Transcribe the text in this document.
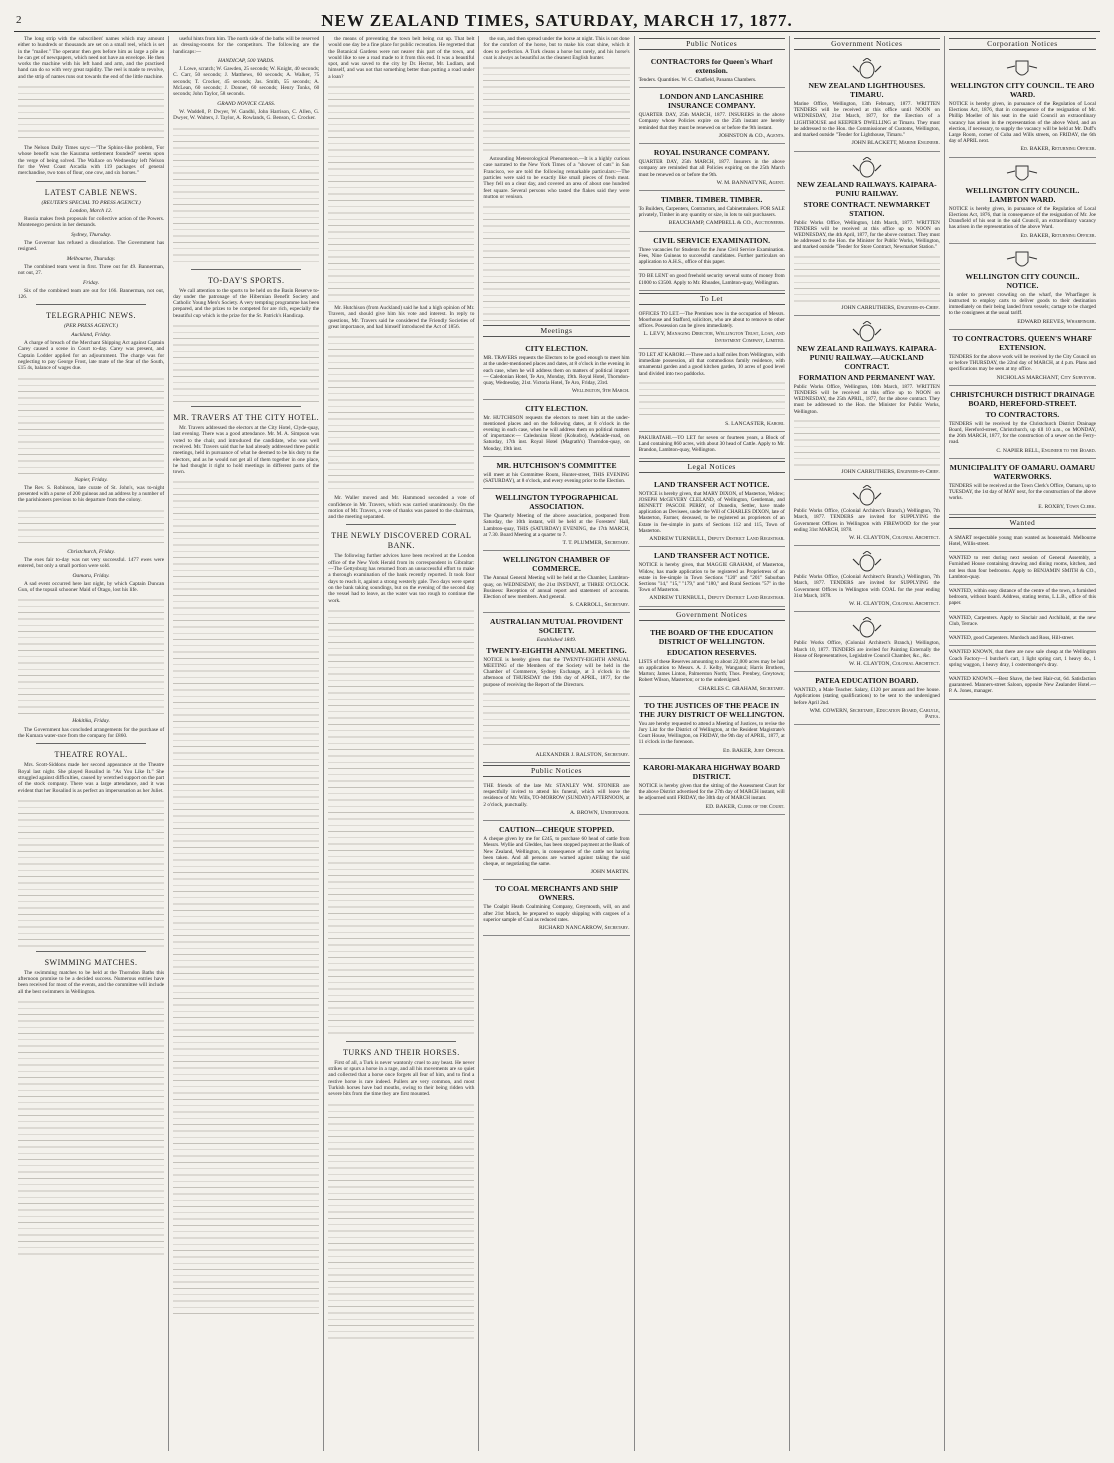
2	NEW ZEALAND TIMES, SATURDAY, MARCH 17, 1877.

The long strip with the subscribers' names which may amount either to hundreds or thousands are set on a small reel, which is set in the "mailer." The operator then gets before him as large a pile as he can get of newspapers, which need not have an envelope. He then works the machine with his left hand and arm, and the practised hand can do so with very great rapidity. The reel is made to revolve, and the strip of names runs out towards the end of the little machine.

The Nelson Daily Times says:—"The Sphinx-like problem, 'For whose benefit was the Kaurama settlement founded?' seems upon the verge of being solved. The Wallace on Wednesday left Nelson for the West Coast Arcadia with 119 packages of general merchandise, two tons of flour, one cow, and six horses."

LATEST CABLE NEWS.
(REUTER'S SPECIAL TO PRESS AGENCY.)
London, March 12.

Russia makes fresh proposals for collective action of the Powers. Montenegro persists in her demands.

Sydney, Thursday.

The Governor has refused a dissolution. The Government has resigned.

Melbourne, Thursday.

The combined team went in first. Three out for 49. Bannerman, not out, 27.

Friday.

Six of the combined team are out for 166. Bannerman, not out, 126.

TELEGRAPHIC NEWS.
(PER PRESS AGENCY.)
Auckland, Friday.

A charge of breach of the Merchant Shipping Act against Captain Carey caused a scene in Court to-day. Carey was present, and Captain Lodder applied for an adjournment. The charge was for neglecting to pay George Frost, late mate of the Star of the South, £15 4s, balance of wages due.

Napier, Friday.

The Rev. S. Robinson, late curate of St. John's, was to-night presented with a purse of 200 guineas and an address by a number of the parishioners previous to his departure from the colony.

Christchurch, Friday.

The exes fair to-day was not very successful. 1477 ewes were entered, but only a small portion were sold.

Oamaru, Friday.

A sad event occurred here last night, by which Captain Duncan Gun, of the topsail schooner Maid of Otago, lost his life.

Hokitika, Friday.

The Government has concluded arrangements for the purchase of the Kumara water-race from the company for £860.

THEATRE ROYAL.

Mrs. Scott-Siddons made her second appearance at the Theatre Royal last night. She played Rosalind in "As You Like It." She struggled against difficulties, caused by wretched support on the part of the stock company. There was a large attendance, and it was evident that her Rosalind is as perfect an impersonation as her Juliet.

SWIMMING MATCHES.

The swimming matches to be held at the Thorndon Baths this afternoon promise to be a decided success. Numerous entries have been received for most of the events, and the committee will include all the best swimmers in Wellington.

useful hints from him. The north side of the baths will be reserved as dressing-rooms for the competitors. The following are the handicaps:—

HANDICAP, 500 YARDS.

J. Lowe, scratch; W. Gawden, 25 seconds; W. Knight, 40 seconds; C. Carr, 50 seconds; J. Matthews, 60 seconds; A. Walker, 75 seconds; T. Crocker, 45 seconds; Jas. Smith, 55 seconds; A. McLean, 60 seconds; J. Donner, 60 seconds; Henry Tonks, 60 seconds; John Taylor, 58 seconds.

GRAND NOVICE CLASS.

W. Waddell, P. Dwyer, W. Gandhi, John Harrison, C. Allen, G. Dwyer, W. Walters, J. Taylor, A. Rowlands, G. Benson, C. Crocker.

TO-DAY'S SPORTS.

We call attention to the sports to be held on the Basin Reserve to-day under the patronage of the Hibernian Benefit Society and Catholic Young Men's Society. A very tempting programme has been prepared, and the prizes to be competed for are rich, especially the beautiful cup which is the prize for the St. Patrick's Handicap.

MR. TRAVERS AT THE CITY HOTEL.

Mr. Travers addressed the electors at the City Hotel, Clyde-quay, last evening. There was a good attendance. Mr. M. A. Simpson was voted to the chair, and introduced the candidate, who was well received. Mr. Travers said that he had already addressed three public meetings, held in pursuance of what he deemed to be his duty to the electors, and as he would not get all of them together in one place, he had thought it right to hold meetings in different parts of the town.

the means of preventing the town belt being cut up. That belt would one day be a fine place for public recreation. He regretted that the Botanical Gardens were not nearer this part of the town, and would like to see a road made to it from this end. It was a beautiful spot, and was saved to the city by Dr. Hector, Mr. Ludlam, and himself, and was not that something better than putting a road under a loan?

Mr. Hutchison (from Auckland) said he had a high opinion of Mr. Travers, and should give him his vote and interest. In reply to questions, Mr. Travers said he considered the Friendly Societies of great importance, and had himself introduced the Act of 1856.

Mr. Waller moved and Mr. Hammond seconded a vote of confidence in Mr. Travers, which was carried unanimously. On the motion of Mr. Travers, a vote of thanks was passed to the chairman, and the meeting separated.

THE NEWLY DISCOVERED CORAL BANK.

The following further advices have been received at the London office of the New York Herald from its correspondent in Gibraltar:—The Gettysburg has returned from an unsuccessful effort to make a thorough examination of the bank recently reported. It took four days to reach it, against a strong westerly gale. Two days were spent on the bank taking soundings, but on the evening of the second day the vessel had to leave, as the water was too rough to continue the work.

TURKS AND THEIR HORSES.

First of all, a Turk is never wantonly cruel to any beast. He never strikes or spurs a horse in a rage, and all his movements are so quiet and collected that a horse once forgets all fear of him, and to find a restive horse is rare indeed. Pullers are very common, and most Turkish horses have bad mouths, owing to their being ridden with severe bits from the time they are first mounted.

the sun, and then spread under the horse at night. This is not done for the comfort of the horse, but to make his coat shine, which it does to perfection. A Turk cleans a horse but rarely, and his horse's coat is always as beautiful as the cleanest English hunter.

Astounding Meteorological Phenomenon.—It is a highly curious case narrated to the New York Times of a "shower of cats" in San Francisco, we are told the following remarkable particulars:—The particles were said to be exactly like small pieces of fresh meat. They fell on a clear day, and covered an area of about one hundred feet square. Several persons who tasted the flakes said they were mutton or venison.

Meetings
CITY ELECTION.
MR. TRAVERS requests the Electors to be good enough to meet him at the under-mentioned places and dates, at 8 o'clock in the evening in each case, when he will address them on matters of political import:— Caledonian Hotel, Te Aro, Monday, 19th. Royal Hotel, Thorndon-quay, Wednesday, 21st. Victoria Hotel, Te Aro, Friday, 23rd.
Wellington, 9th March.
CITY ELECTION.
Mr. HUTCHISON requests the electors to meet him at the under-mentioned places and on the following dates, at 8 o'clock in the evening in each case, when he will address them on political matters of importance:— Caledonian Hotel (Kohudro), Adelaide-road, on Saturday, 17th inst. Royal Hotel (Magrath's) Thorndon-quay, on Monday, 19th inst.
MR. HUTCHISON'S COMMITTEE
will meet at his Committee Room, Hunter-street, THIS EVENING (SATURDAY), at 8 o'clock, and every evening prior to the Election.
WELLINGTON TYPOGRAPHICAL ASSOCIATION.
The Quarterly Meeting of the above association, postponed from Saturday, the 10th instant, will be held at the Foresters' Hall, Lambton-quay, THIS (SATURDAY) EVENING, the 17th MARCH, at 7.30. Board Meeting at a quarter to 7.
T. T. PLUMMER, Secretary.
WELLINGTON CHAMBER OF COMMERCE.
The Annual General Meeting will be held at the Chamber, Lambton-quay, on WEDNESDAY, the 21st INSTANT, at THREE O'CLOCK. Business: Reception of annual report and statement of accounts. Election of new members. And general.
S. CARROLL, Secretary.
AUSTRALIAN MUTUAL PROVIDENT SOCIETY.
Established 1849.
TWENTY-EIGHTH ANNUAL MEETING.
NOTICE is hereby given that the TWENTY-EIGHTH ANNUAL MEETING of the Members of the Society will be held in the Chamber of Commerce, Sydney Exchange, at 3 o'clock in the afternoon of THURSDAY the 19th day of APRIL, 1877, for the purpose of receiving the Report of the Directors.
ALEXANDER J. RALSTON, Secretary.
Public Notices
THE friends of the late Mr. STANLEY WM. STONIER are respectfully invited to attend his funeral, which will leave the residence of Mr. Wills, TO-MORROW (SUNDAY) AFTERNOON, at 2 o'clock, punctually.
A. BROWN, Undertaker.
CAUTION—CHEQUE STOPPED.
A cheque given by me for £245, to purchase 60 head of cattle from Messrs. Wyllie and Gleddes, has been stopped payment at the Bank of New Zealand, Wellington, in consequence of the cattle not having been taken. And all persons are warned against taking the said cheque, or negotiating the same.
JOHN MARTIN.
TO COAL MERCHANTS AND SHIP OWNERS.
The Coalpit Heath Coalmining Company, Greymouth, will, on and after 21st March, be prepared to supply shipping with cargoes of a superior sample of Coal as reduced rates.
RICHARD NANCARROW, Secretary.
Public Notices
CONTRACTORS for Queen's Wharf extension.
Tenders. Quantities. W. C. Chatfield, Panama Chambers.
LONDON AND LANCASHIRE INSURANCE COMPANY.
QUARTER DAY, 25th MARCH, 1877. INSURERS in the above Company whose Policies expire on the 25th instant are hereby reminded that they must be renewed on or before the 9th instant.
JOHNSTON & CO., Agents.
ROYAL INSURANCE COMPANY.
QUARTER DAY, 25th MARCH, 1877. Insurers in the above company are reminded that all Policies expiring on the 25th March must be renewed on or before the 9th.
W. M. BANNATYNE, Agent.
TIMBER. TIMBER. TIMBER.
To Builders, Carpenters, Contractors, and Cabinetmakers. FOR SALE privately, Timber in any quantity or size, in lots to suit purchasers.
BEAUCHAMP, CAMPBELL & CO., Auctioneers.
CIVIL SERVICE EXAMINATION.
Three vacancies for Students for the June Civil Service Examination. Fees, Nine Guineas to successful candidates. Further particulars on application to A.H.S., office of this paper.
TO BE LENT on good freehold security several sums of money from £1000 to £3500. Apply to Mr. Rhoades, Lambton-quay, Wellington.
To Let
OFFICES TO LET.—The Premises now in the occupation of Messrs. Moorhouse and Stafford, solicitors, who are about to remove to other offices. Possession can be given immediately.
L. LEVY, Managing Director, Wellington Trust, Loan, and Investment Company, Limited.
TO LET AT KARORI.—Three and a half miles from Wellington, with immediate possession, all that commodious family residence, with ornamental garden and a good kitchen garden, 10 acres of good level land divided into two paddocks.
S. LANCASTER, Karori.
PAKURATAHI.—TO LET for seven or fourteen years, a Block of Land containing 860 acres, with about 30 head of Cattle. Apply to Mr. Brandon, Lambton-quay, Wellington.
Legal Notices
LAND TRANSFER ACT NOTICE.
NOTICE is hereby given, that MARY DIXON, of Masterton, Widow; JOSEPH McGEVERY CLELAND, of Wellington, Gentleman, and BENNETT PASCOE PERRY, of Dunedin, Settler, have made application as Devisees, under the Will of CHARLES DIXON, late of Masterton, Farmer, deceased, to be registered as proprietors of an Estate in fee-simple in parts of Sections 112 and 115, Town of Masterton.
ANDREW TURNBULL, Deputy District Land Registrar.
LAND TRANSFER ACT NOTICE.
NOTICE is hereby given, that MAGGIE GRAHAM, of Masterton, Widow, has made application to be registered as Proprietress of an estate in fee-simple in Town Sections "120" and "201" Suburban Sections "14," "15," "179," and "180," and Rural Sections "57" in the Town of Masterton.
ANDREW TURNBULL, Deputy District Land Registrar.
Government Notices
THE BOARD OF THE EDUCATION DISTRICT OF WELLINGTON.
EDUCATION RESERVES.
LISTS of these Reserves amounting to about 22,000 acres may be had on application to Messrs. A. J. Kelby, Wanganui; Harris Brothers, Marton; James Linton, Palmerston North; Thos. Prenbey, Greytown; Robert Wilson, Masterton; or to the undersigned.
CHARLES C. GRAHAM, Secretary.
TO THE JUSTICES OF THE PEACE IN THE JURY DISTRICT OF WELLINGTON.
You are hereby requested to attend a Meeting of Justices, to revise the Jury List for the District of Wellington, at the Resident Magistrate's Court House, Wellington, on FRIDAY, the 9th day of APRIL, 1877, at 11 o'clock in the forenoon.
Ed. BAKER, Jury Officer.
KARORI-MAKARA HIGHWAY BOARD DISTRICT.
NOTICE is hereby given that the sitting of the Assessment Court for the above District advertised for the 27th day of MARCH instant, will be adjourned until FRIDAY, the 30th day of MARCH instant.
ED. BAKER, Clerk of the Court.
Government Notices
NEW ZEALAND LIGHTHOUSES. TIMARU.
Marine Office, Wellington, 13th February, 1877. WRITTEN TENDERS will be received at this office until NOON on WEDNESDAY, 21st March, 1877, for the Erection of a LIGHTHOUSE and KEEPER'S DWELLING at Timaru. They must be addressed to the Hon. the Commissioner of Customs, Wellington, and marked outside "Tender for Lighthouse, Timaru."
JOHN BLACKETT, Marine Engineer.
NEW ZEALAND RAILWAYS. KAIPARA-PUNIU RAILWAY.
STORE CONTRACT. NEWMARKET STATION.
Public Works Office, Wellington, 14th March, 1877. WRITTEN TENDERS will be received at this office up to NOON on WEDNESDAY, the 4th April, 1877, for the above contract. They must be addressed to the Hon. the Minister for Public Works, Wellington, and marked outside "Tender for Store Contract, Newmarket Station."
JOHN CARRUTHERS, Engineer-in-Chief.
NEW ZEALAND RAILWAYS. KAIPARA-PUNIU RAILWAY.—AUCKLAND CONTRACT.
FORMATION AND PERMANENT WAY.
Public Works Office, Wellington, 10th March, 1877. WRITTEN TENDERS will be received at this office up to NOON on WEDNESDAY, the 25th APRIL, 1877, for the above contract. They must be addressed to the Hon. the Minister for Public Works, Wellington.
JOHN CARRUTHERS, Engineer-in-Chief.
Public Works Office, (Colonial Architect's Branch,) Wellington, 7th March, 1877. TENDERS are invited for SUPPLYING the Government Offices in Wellington with FIREWOOD for the year ending 31st MARCH, 1878.
W. H. CLAYTON, Colonial Architect.
Public Works Office, (Colonial Architect's Branch,) Wellington, 7th March, 1877. TENDERS are invited for SUPPLYING the Government Offices in Wellington with COAL for the year ending 31st March, 1878.
W. H. CLAYTON, Colonial Architect.
Public Works Office, (Colonial Architect's Branch,) Wellington, March 10, 1877. TENDERS are invited for Painting Externally the House of Representatives, Legislative Council Chamber, &c., &c.
W. H. CLAYTON, Colonial Architect.
PATEA EDUCATION BOARD.
WANTED, a Male Teacher. Salary, £120 per annum and free house. Applications (stating qualifications) to be sent to the undersigned before April 2nd.
WM. COWERN, Secretary, Education Board, Carlyle, Patea.
Corporation Notices
WELLINGTON CITY COUNCIL. TE ARO WARD.
NOTICE is hereby given, in pursuance of the Regulation of Local Elections Act, 1876, that in consequence of the resignation of Mr. Phillip Moeller of his seat in the said Council an extraordinary vacancy has arisen in the representation of the above Ward, and an election, if necessary, to supply the vacancy will be held at Mr. Duff's Large Room, corner of Cuba and Wills streets, on FRIDAY, the 6th day of APRIL next.
Ed. BAKER, Returning Officer.
WELLINGTON CITY COUNCIL. LAMBTON WARD.
NOTICE is hereby given, in pursuance of the Regulation of Local Elections Act, 1876, that in consequence of the resignation of Mr. Joe Dransfield of his seat in the said Council, an extraordinary vacancy has arisen in the representation of the above Ward.
Ed. BAKER, Returning Officer.
WELLINGTON CITY COUNCIL. NOTICE.
In order to prevent crowding on the wharf, the Wharfinger is instructed to employ carts to deliver goods to their destination immediately on their being landed from vessels; cartage to be charged to the consignees at the usual tariff.
EDWARD REEVES, Wharfinger.
TO CONTRACTORS. QUEEN'S WHARF EXTENSION.
TENDERS for the above work will be received by the City Council on or before THURSDAY, the 22nd day of MARCH, at 4 p.m. Plans and specifications may be seen at my office.
NICHOLAS MARCHANT, City Surveyor.
CHRISTCHURCH DISTRICT DRAINAGE BOARD, HEREFORD-STREET.
TO CONTRACTORS.
TENDERS will be received by the Christchurch District Drainage Board, Hereford-street, Christchurch, up till 10 a.m., on MONDAY, the 26th MARCH, 1877, for the construction of a sewer on the Ferry-road.
C. NAPIER BELL, Engineer to the Board.
MUNICIPALITY OF OAMARU. OAMARU WATERWORKS.
TENDERS will be received at the Town Clerk's Office, Oamaru, up to TUESDAY, the 1st day of MAY next, for the construction of the above works.
E. ROXBY, Town Clerk.
Wanted
A SMART respectable young man wanted as housemaid. Melbourne Hotel, Willis-street.
WANTED to rent during next session of General Assembly, a Furnished House containing drawing and dining rooms, kitchen, and not less than four bedrooms. Apply to BENJAMIN SMITH & CO., Lambton-quay.
WANTED, within easy distance of the centre of the town, a furnished bedroom, without board. Address, stating terms, L.L.B., office of this paper.
WANTED, Carpenters. Apply to Sinclair and Archibald, at the new Club, Terrace.
WANTED, good Carpenters. Murdoch and Ross, Hill-street.
WANTED KNOWN, that there are now sale cheap at the Wellington Coach Factory—1 butcher's cart, 1 light spring cart, 1 heavy do., 1 spring waggon, 1 heavy dray, 1 costermonger's dray.
WANTED KNOWN.—Best Shave, the best Hair-cut, 6d. Satisfaction guaranteed. Manners-street Saloon, opposite New Zealander Hotel.—P. A. Jones, manager.
